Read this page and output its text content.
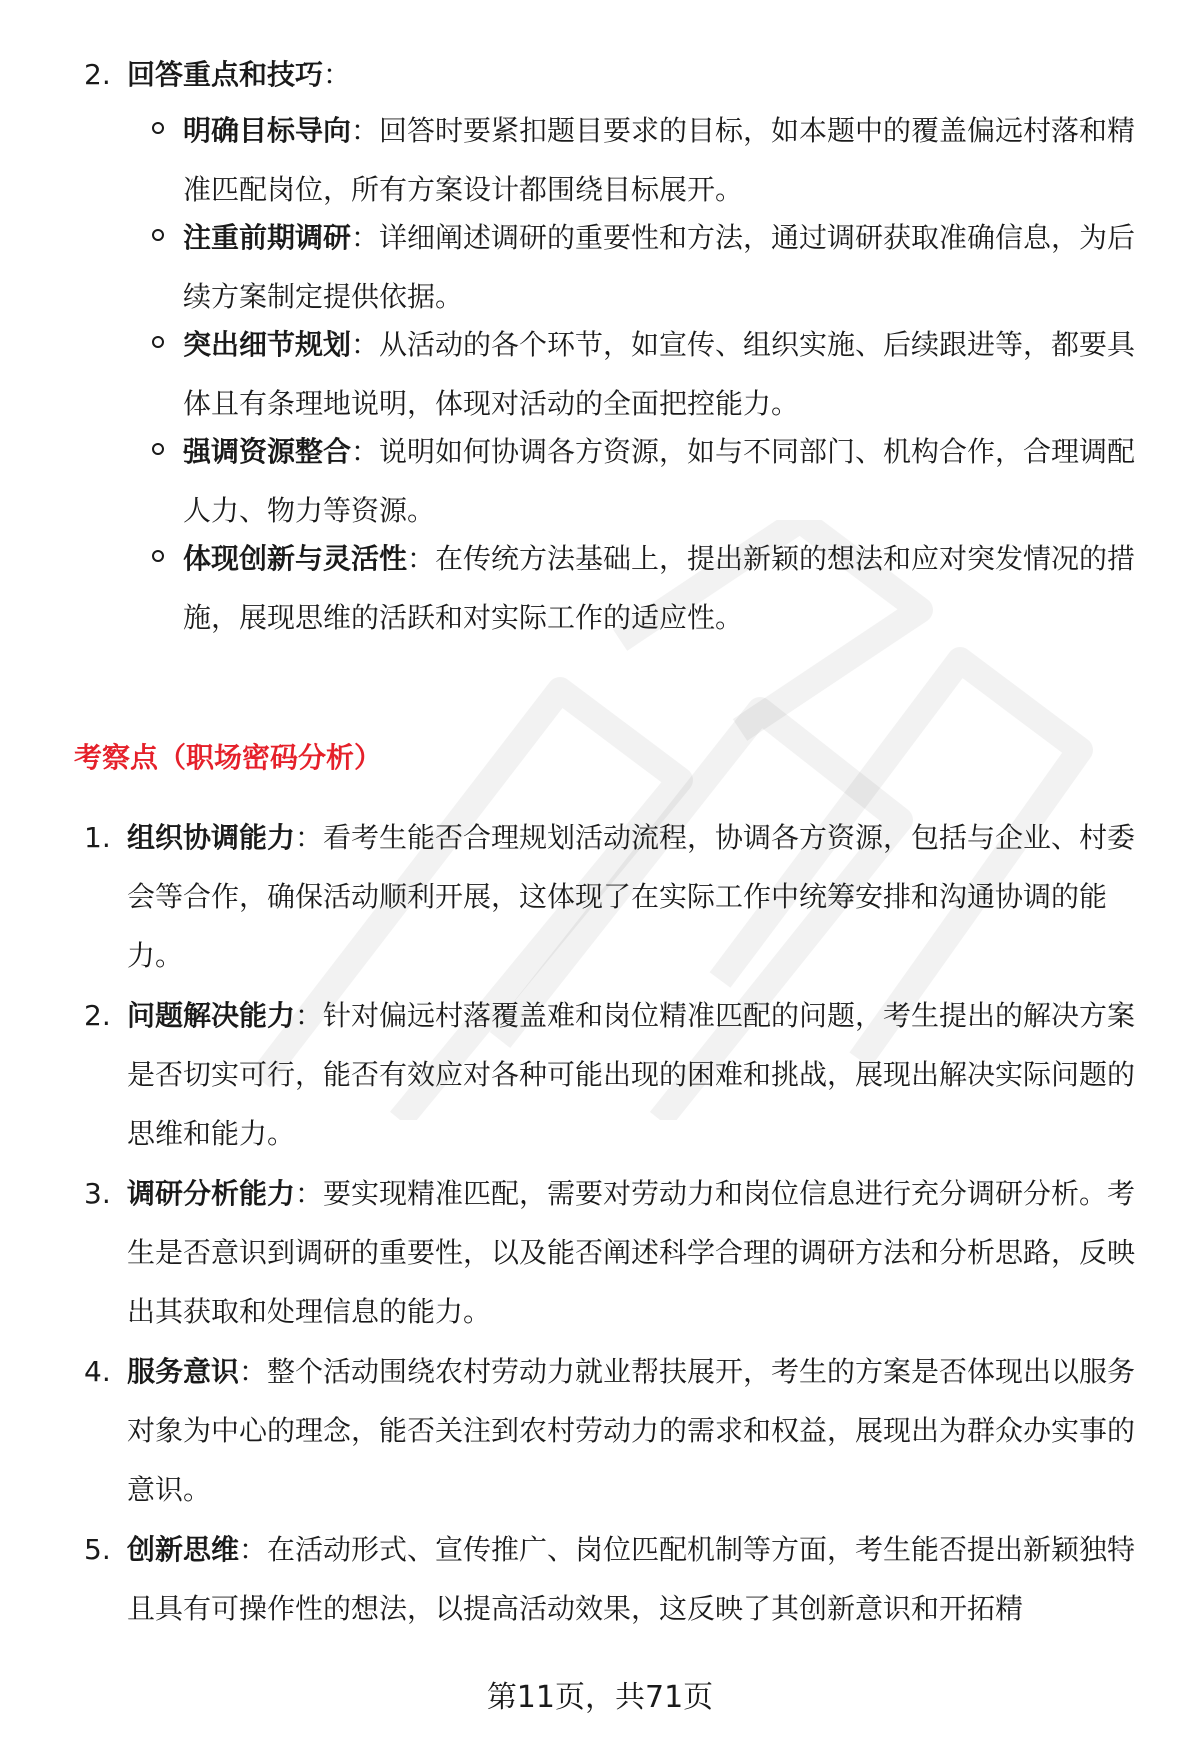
2. 回答重点和技巧：
明确目标导向：回答时要紧扣题目要求的目标，如本题中的覆盖偏远村落和精准匹配岗位，所有方案设计都围绕目标展开。
注重前期调研：详细阐述调研的重要性和方法，通过调研获取准确信息，为后续方案制定提供依据。
突出细节规划：从活动的各个环节，如宣传、组织实施、后续跟进等，都要具体且有条理地说明，体现对活动的全面把控能力。
强调资源整合：说明如何协调各方资源，如与不同部门、机构合作，合理调配人力、物力等资源。
体现创新与灵活性：在传统方法基础上，提出新颖的想法和应对突发情况的措施，展现思维的活跃和对实际工作的适应性。
考察点（职场密码分析）
1. 组织协调能力：看考生能否合理规划活动流程，协调各方资源，包括与企业、村委会等合作，确保活动顺利开展，这体现了在实际工作中统筹安排和沟通协调的能力。
2. 问题解决能力：针对偏远村落覆盖难和岗位精准匹配的问题，考生提出的解决方案是否切实可行，能否有效应对各种可能出现的困难和挑战，展现出解决实际问题的思维和能力。
3. 调研分析能力：要实现精准匹配，需要对劳动力和岗位信息进行充分调研分析。考生是否意识到调研的重要性，以及能否阐述科学合理的调研方法和分析思路，反映出其获取和处理信息的能力。
4. 服务意识：整个活动围绕农村劳动力就业帮扶展开，考生的方案是否体现出以服务对象为中心的理念，能否关注到农村劳动力的需求和权益，展现出为群众办实事的意识。
5. 创新思维：在活动形式、宣传推广、岗位匹配机制等方面，考生能否提出新颖独特且具有可操作性的想法，以提高活动效果，这反映了其创新意识和开拓精
第11页，共71页
